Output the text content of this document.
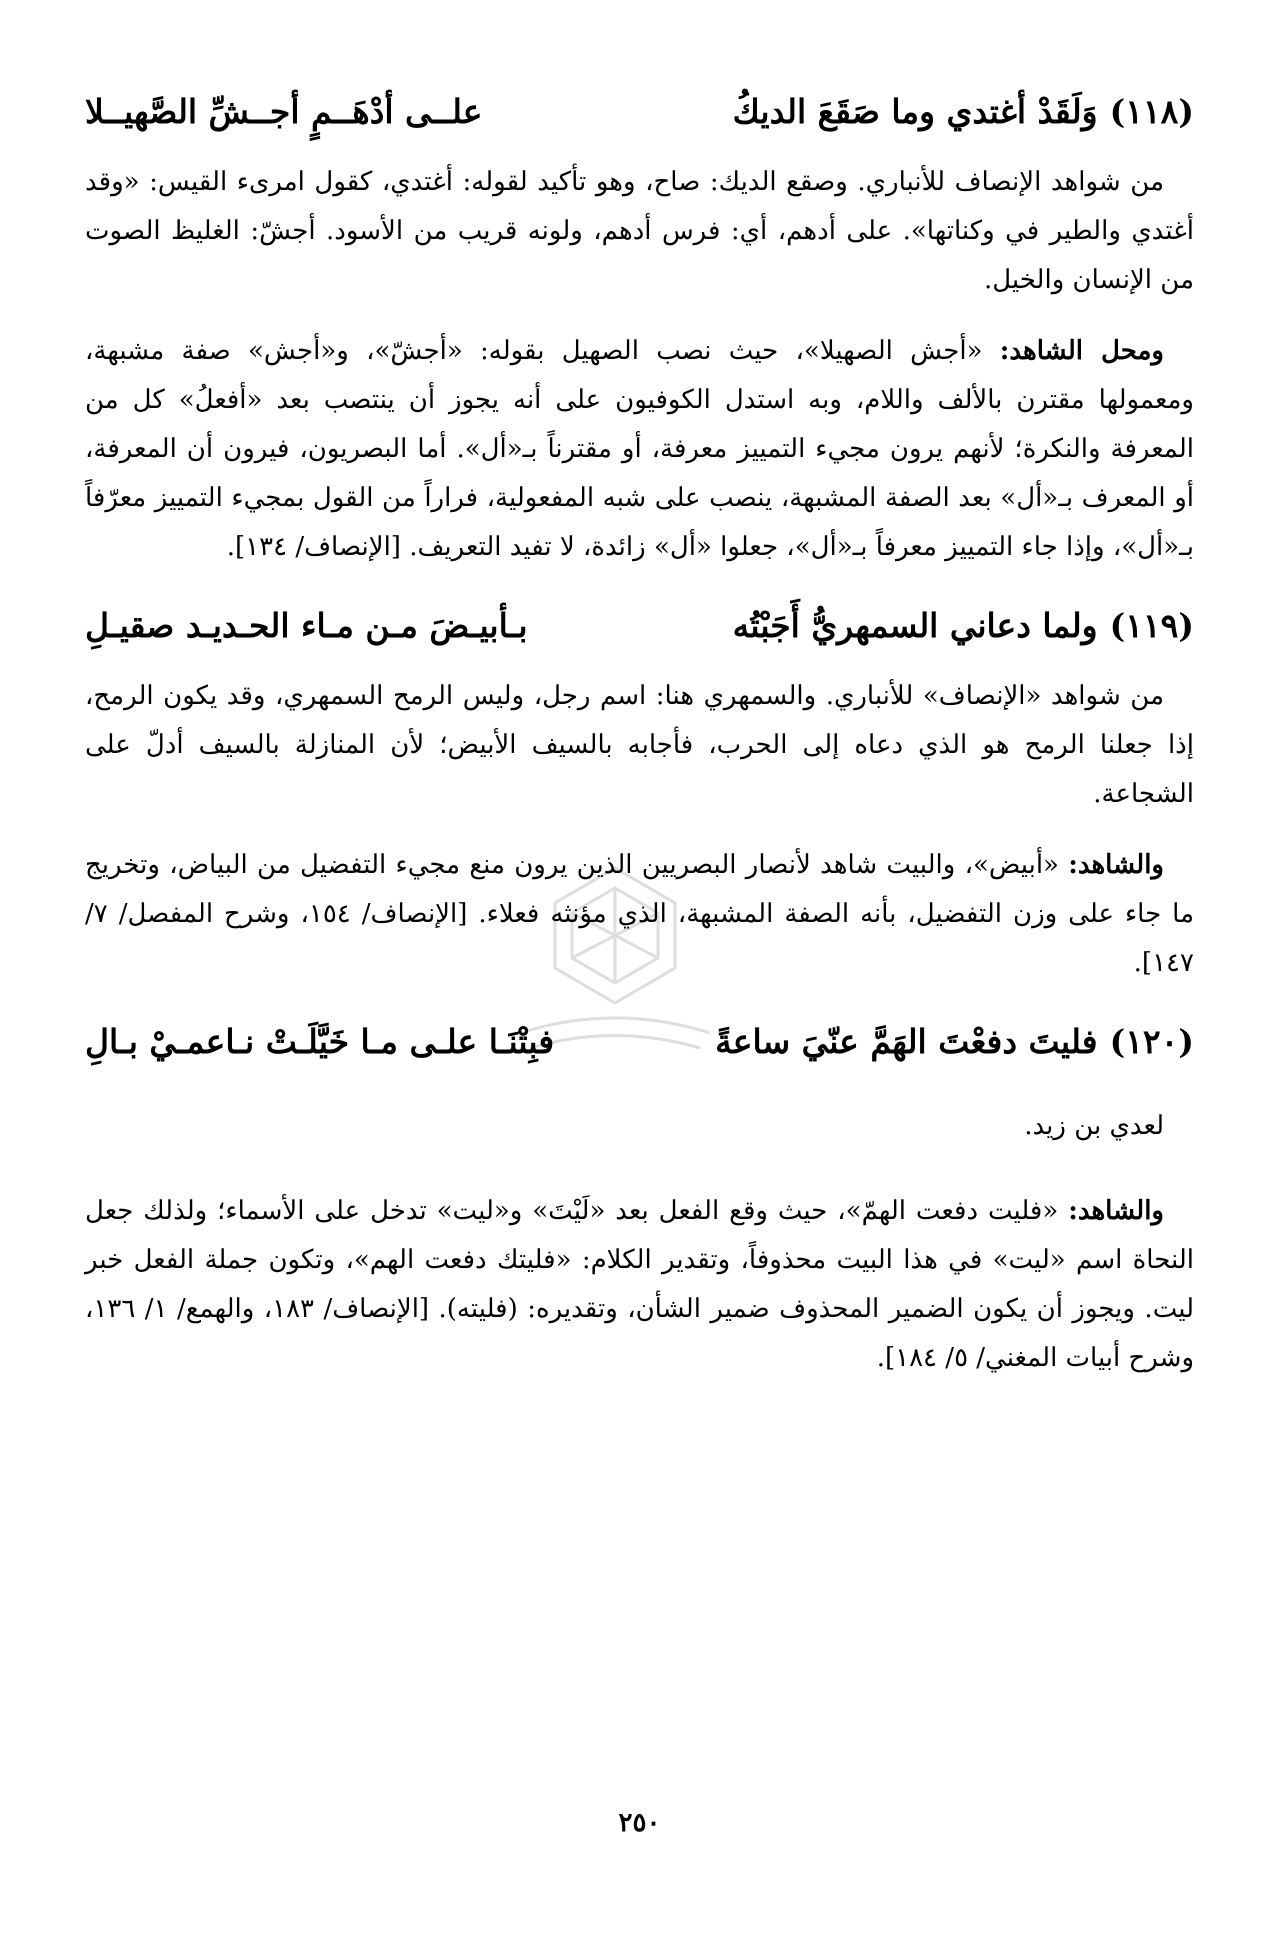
(١١٨)
وَلَقَدْ أغتدي وما صَقَعَ الديكُ
علــى أدْهَــمٍ أجــشِّ الصَّهيــلا

من شواهد الإنصاف للأنباري. وصقع الديك: صاح، وهو تأكيد لقوله: أغتدي، كقول امرىء القيس: «وقد أغتدي والطير في وكناتها». على أدهم، أي: فرس أدهم، ولونه قريب من الأسود. أجشّ: الغليظ الصوت من الإنسان والخيل.

ومحل الشاهد: «أجش الصهيلا»، حيث نصب الصهيل بقوله: «أجشّ»، و«أجش» صفة مشبهة، ومعمولها مقترن بالألف واللام، وبه استدل الكوفيون على أنه يجوز أن ينتصب بعد «أفعلُ» كل من المعرفة والنكرة؛ لأنهم يرون مجيء التمييز معرفة، أو مقترناً بـ«أل». أما البصريون، فيرون أن المعرفة، أو المعرف بـ«أل» بعد الصفة المشبهة، ينصب على شبه المفعولية، فراراً من القول بمجيء التمييز معرّفاً بـ«أل»، وإذا جاء التمييز معرفاً بـ«أل»، جعلوا «أل» زائدة، لا تفيد التعريف. [الإنصاف/ ١٣٤].

(١١٩)
ولما دعاني السمهريُّ أَجَبْتُه
بـأبيـضَ مـن مـاء الحـديـد صقيـلِ

من شواهد «الإنصاف» للأنباري. والسمهري هنا: اسم رجل، وليس الرمح السمهري، وقد يكون الرمح، إذا جعلنا الرمح هو الذي دعاه إلى الحرب، فأجابه بالسيف الأبيض؛ لأن المنازلة بالسيف أدلّ على الشجاعة.

والشاهد: «أبيض»، والبيت شاهد لأنصار البصريين الذين يرون منع مجيء التفضيل من البياض، وتخريج ما جاء على وزن التفضيل، بأنه الصفة المشبهة، الذي مؤنثه فعلاء. [الإنصاف/ ١٥٤، وشرح المفصل/ ٧/ ١٤٧].

(١٢٠)
فليتَ دفعْتَ الهَمَّ عنّيَ ساعةً
فبِتْنَـا علـى مـا خَيَّلَـتْ نـاعمـيْ بـالِ

لعدي بن زيد.

والشاهد: «فليت دفعت الهمّ»، حيث وقع الفعل بعد «لَيْتَ» و«ليت» تدخل على الأسماء؛ ولذلك جعل النحاة اسم «ليت» في هذا البيت محذوفاً، وتقدير الكلام: «فليتك دفعت الهم»، وتكون جملة الفعل خبر ليت. ويجوز أن يكون الضمير المحذوف ضمير الشأن، وتقديره: (فليته). [الإنصاف/ ١٨٣، والهمع/ ١/ ١٣٦، وشرح أبيات المغني/ ٥/ ١٨٤].

٢٥٠
